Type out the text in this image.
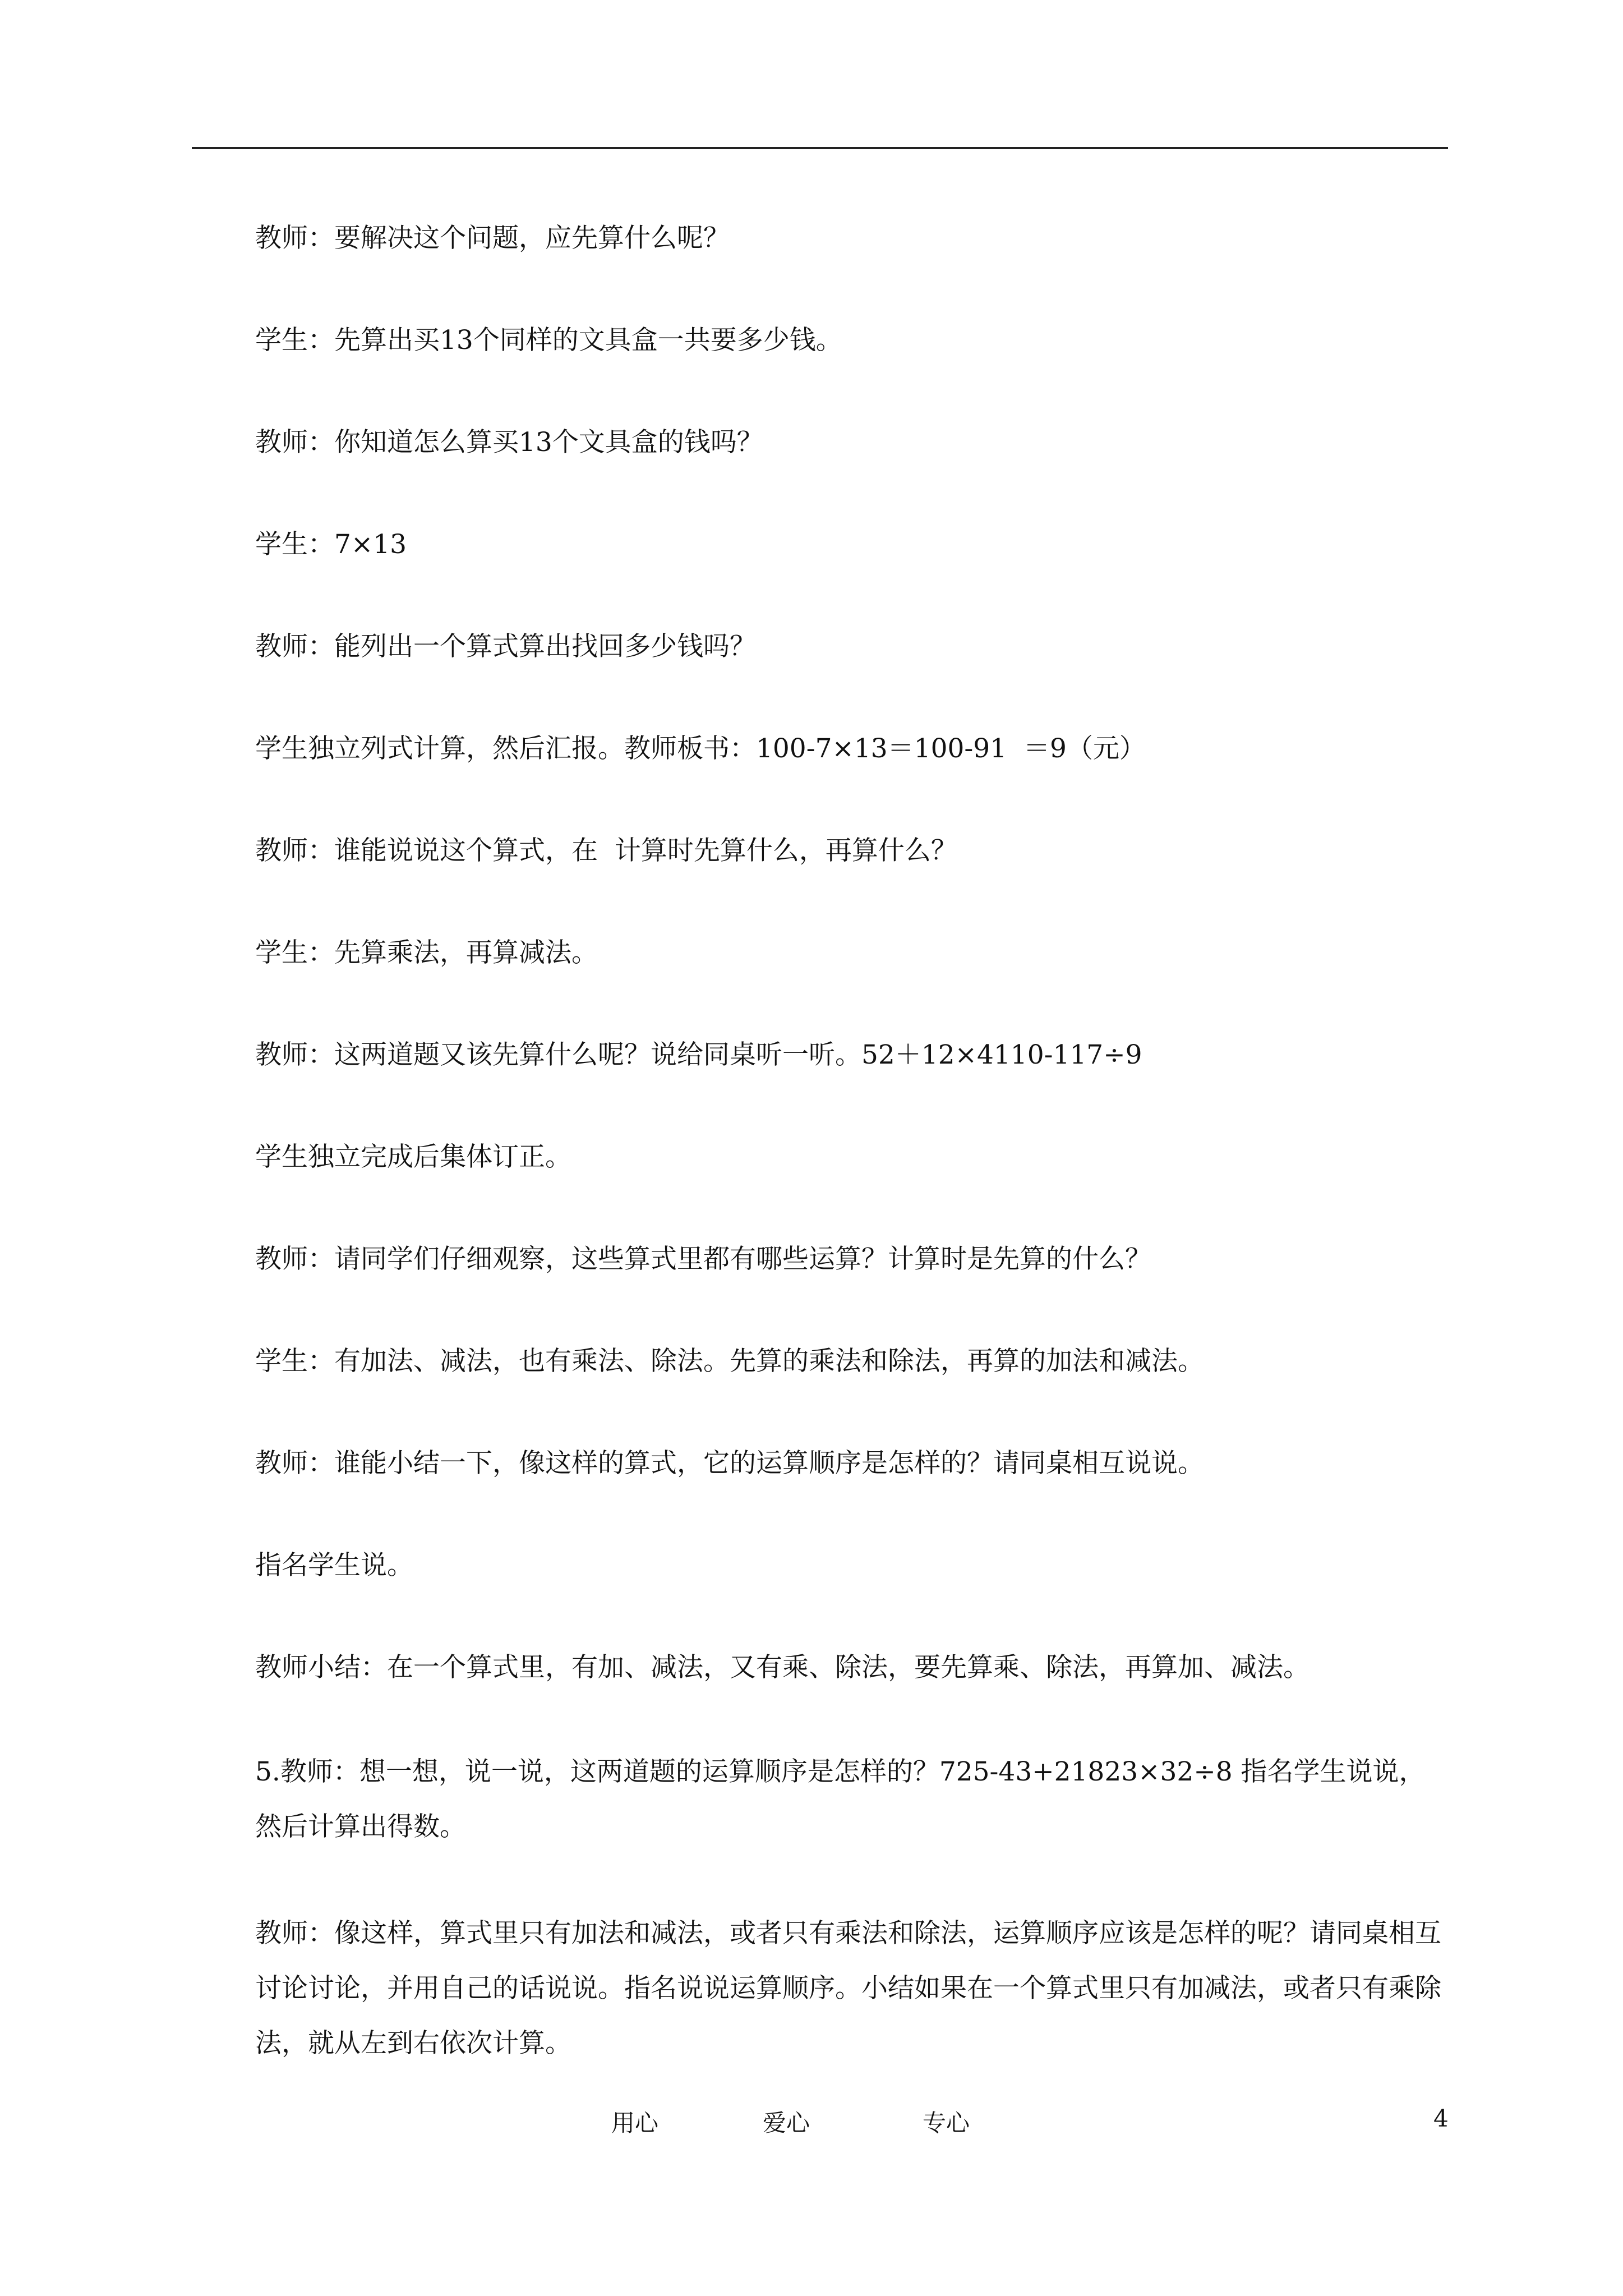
教师：要解决这个问题，应先算什么呢？

学生：先算出买13个同样的文具盒一共要多少钱。

教师：你知道怎么算买13个文具盒的钱吗？

学生：7×13

教师：能列出一个算式算出找回多少钱吗？

学生独立列式计算，然后汇报。教师板书：100-7×13＝100-91  ＝9（元）

教师：谁能说说这个算式，在  计算时先算什么，再算什么？

学生：先算乘法，再算减法。

教师：这两道题又该先算什么呢？说给同桌听一听。52＋12×4110-117÷9

学生独立完成后集体订正。

教师：请同学们仔细观察，这些算式里都有哪些运算？计算时是先算的什么？

学生：有加法、减法，也有乘法、除法。先算的乘法和除法，再算的加法和减法。

教师：谁能小结一下，像这样的算式，它的运算顺序是怎样的？请同桌相互说说。

指名学生说。

教师小结：在一个算式里，有加、减法，又有乘、除法，要先算乘、除法，再算加、减法。

5.教师：想一想，说一说，这两道题的运算顺序是怎样的？725-43+21823×32÷8 指名学生说说，然后计算出得数。

教师：像这样，算式里只有加法和减法，或者只有乘法和除法，运算顺序应该是怎样的呢？请同桌相互讨论讨论，并用自己的话说说。指名说说运算顺序。小结如果在一个算式里只有加减法，或者只有乘除法，就从左到右依次计算。

用心	爱心	专心	4
